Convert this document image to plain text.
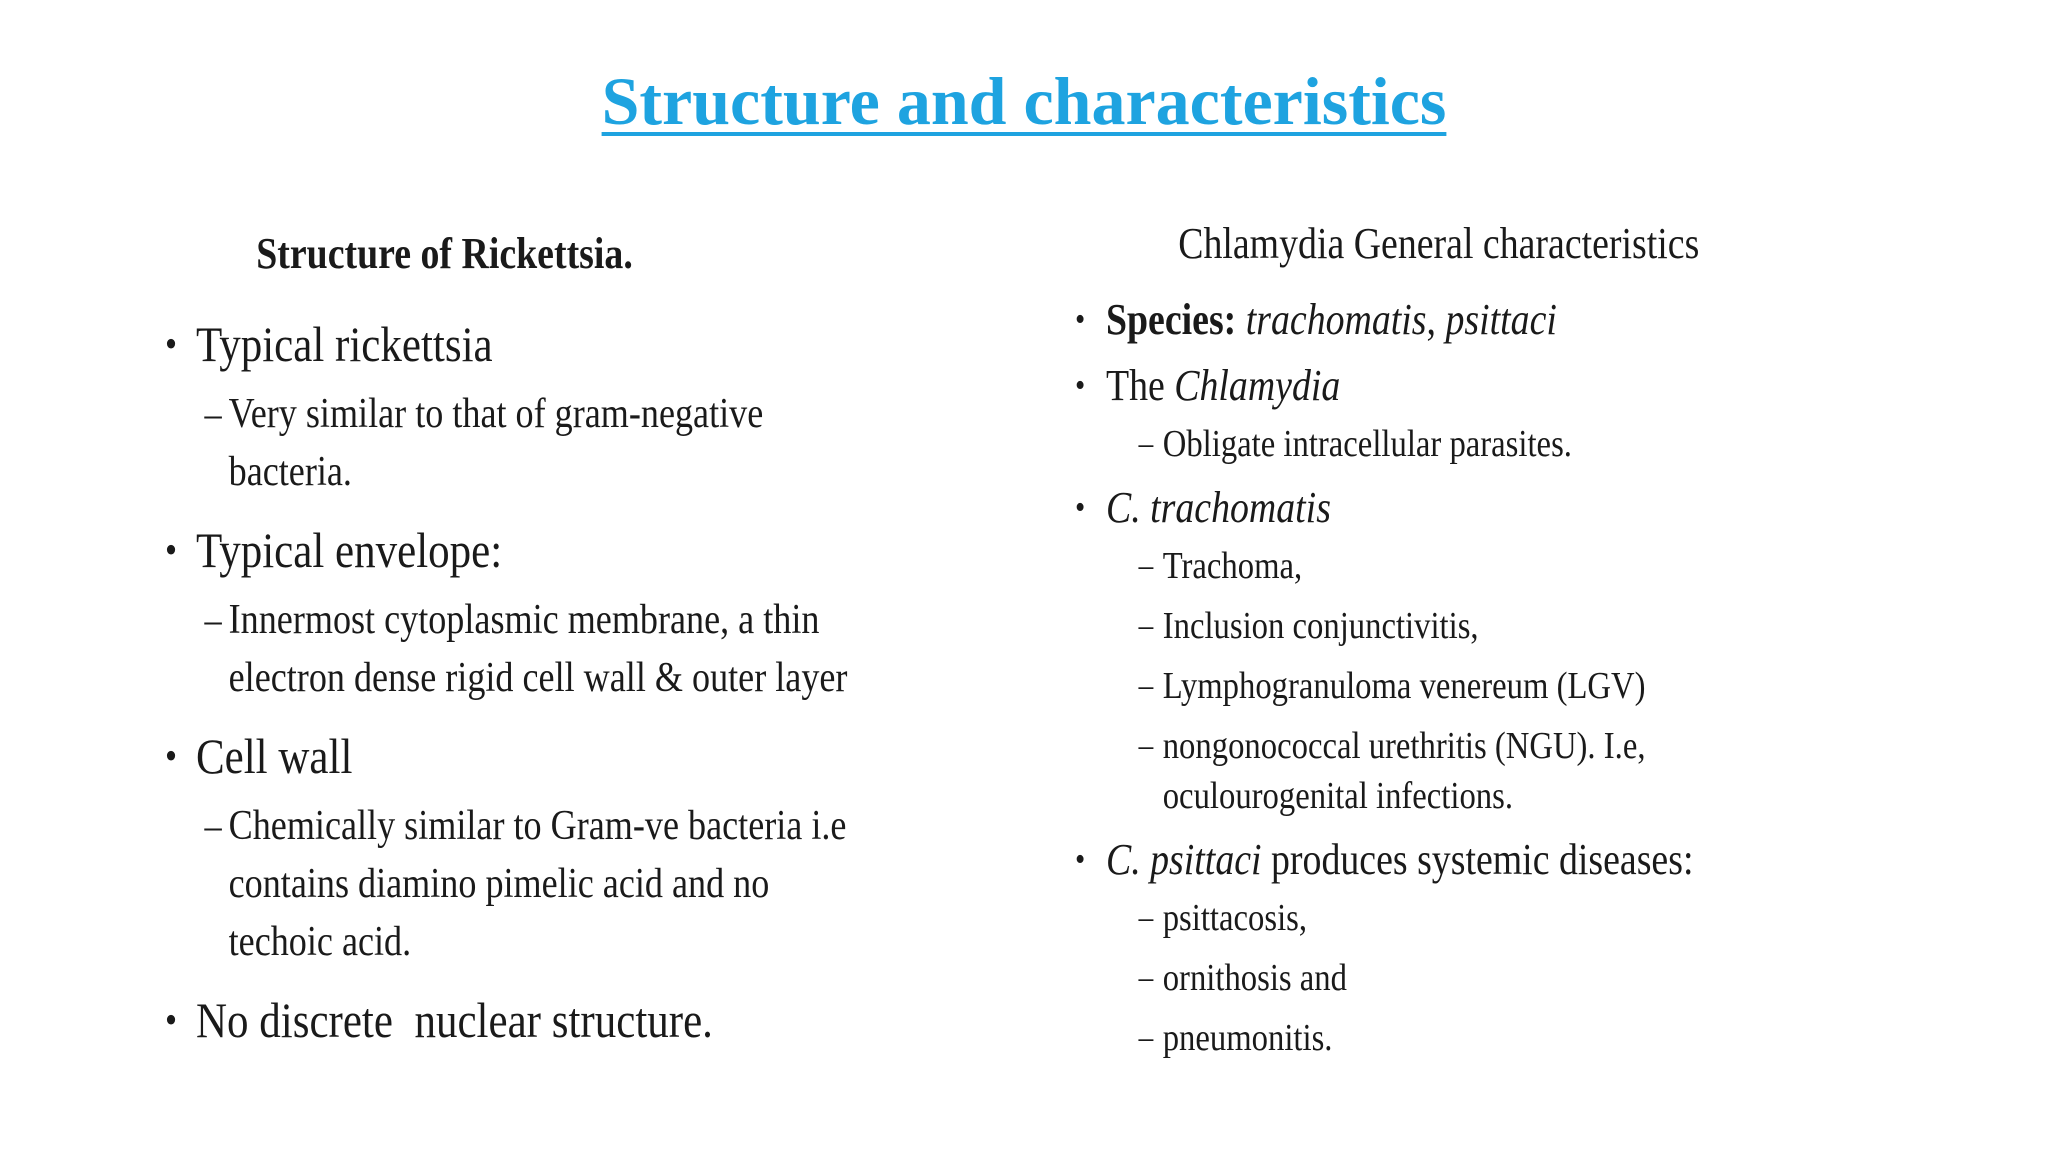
Structure and characteristics
Structure of Rickettsia.
• Typical rickettsia
– Very similar to that of gram-negative bacteria.
• Typical envelope:
– Innermost cytoplasmic membrane, a thin electron dense rigid cell wall & outer layer
• Cell wall
– Chemically similar to Gram-ve bacteria i.e contains diamino pimelic acid and no techoic acid.
• No discrete  nuclear structure.
Chlamydia General characteristics
• Species: trachomatis, psittaci
• The Chlamydia
– Obligate intracellular parasites.
• C. trachomatis
– Trachoma,
– Inclusion conjunctivitis,
– Lymphogranuloma venereum (LGV)
– nongonococcal urethritis (NGU). I.e, oculourogenital infections.
• C. psittaci produces systemic diseases:
– psittacosis,
– ornithosis and
– pneumonitis.
